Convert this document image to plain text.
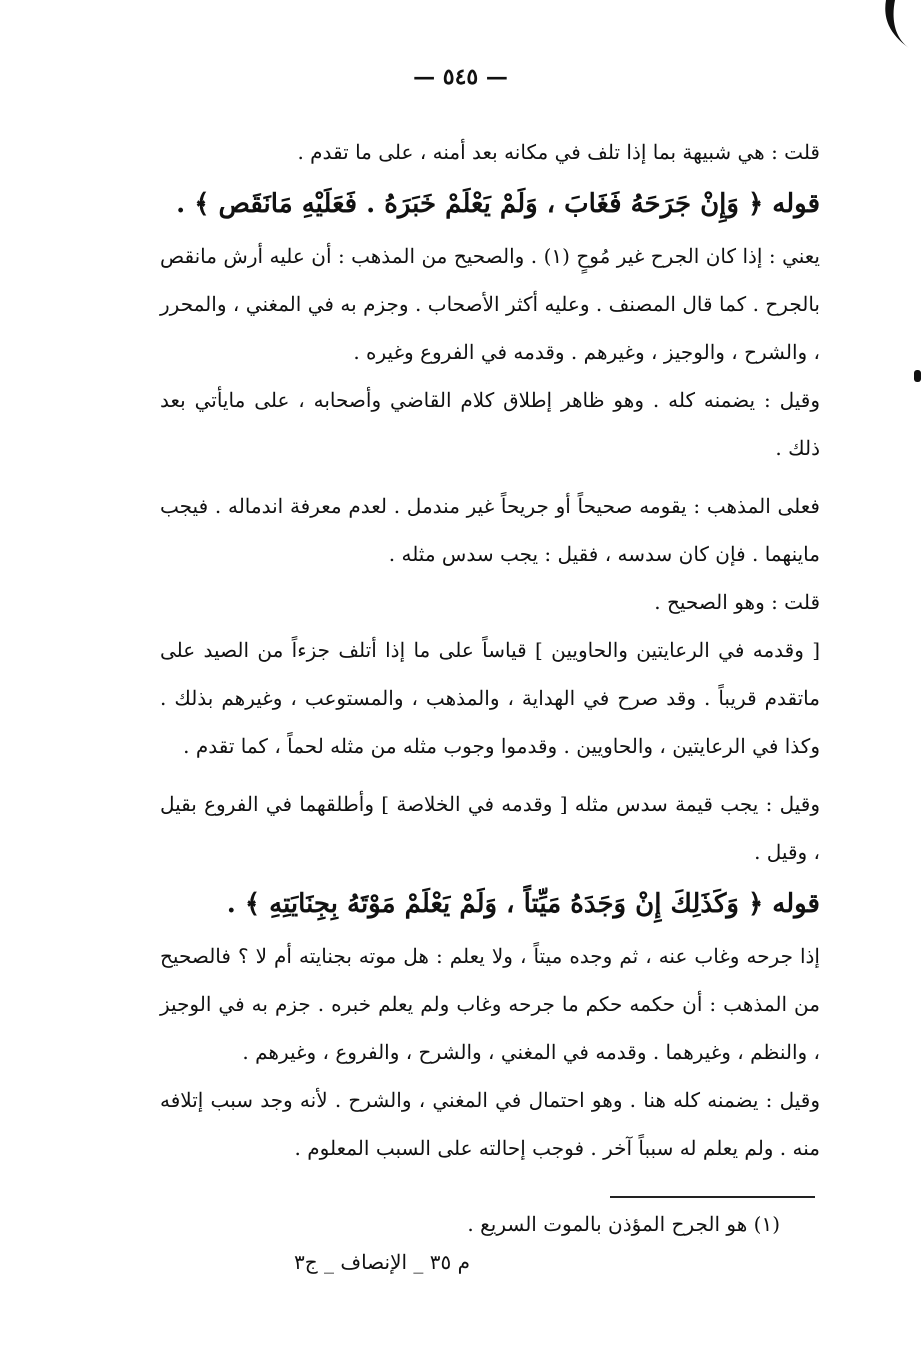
— ٥٤٥ —

قلت : هي شبيهة بما إذا تلف في مكانه بعد أمنه ، على ما تقدم .

قوله ﴿ وَإِنْ جَرَحَهُ فَغَابَ ، وَلَمْ يَعْلَمْ خَبَرَهُ . فَعَلَيْهِ مَانَقَص ﴾ .

يعني : إذا كان الجرح غير مُوحٍ (١) . والصحيح من المذهب : أن عليه أرش مانقص بالجرح . كما قال المصنف . وعليه أكثر الأصحاب . وجزم به في المغني ، والمحرر ، والشرح ، والوجيز ، وغيرهم . وقدمه في الفروع وغيره .

وقيل : يضمنه كله . وهو ظاهر إطلاق كلام القاضي وأصحابه ، على مايأتي بعد ذلك .

فعلى المذهب : يقومه صحيحاً أو جريحاً غير مندمل . لعدم معرفة اندماله . فيجب ماينهما . فإن كان سدسه ، فقيل : يجب سدس مثله .

قلت : وهو الصحيح .

[ وقدمه في الرعايتين والحاويين ] قياساً على ما إذا أتلف جزءاً من الصيد على ماتقدم قريباً . وقد صرح في الهداية ، والمذهب ، والمستوعب ، وغيرهم بذلك . وكذا في الرعايتين ، والحاويين . وقدموا وجوب مثله من مثله لحماً ، كما تقدم .

وقيل : يجب قيمة سدس مثله [ وقدمه في الخلاصة ] وأطلقهما في الفروع بقيل ، وقيل .

قوله ﴿ وَكَذَلِكَ إِنْ وَجَدَهُ مَيِّتاً ، وَلَمْ يَعْلَمْ مَوْتَهُ بِجِنَايَتِهِ ﴾ .

إذا جرحه وغاب عنه ، ثم وجده ميتاً ، ولا يعلم : هل موته بجنايته أم لا ؟ فالصحيح من المذهب : أن حكمه حكم ما جرحه وغاب ولم يعلم خبره . جزم به في الوجيز ، والنظم ، وغيرهما . وقدمه في المغني ، والشرح ، والفروع ، وغيرهم .

وقيل : يضمنه كله هنا . وهو احتمال في المغني ، والشرح . لأنه وجد سبب إتلافه منه . ولم يعلم له سبباً آخر . فوجب إحالته على السبب المعلوم .

(١) هو الجرح المؤذن بالموت السريع .
م ٣٥ _ الإنصاف _ ج٣
